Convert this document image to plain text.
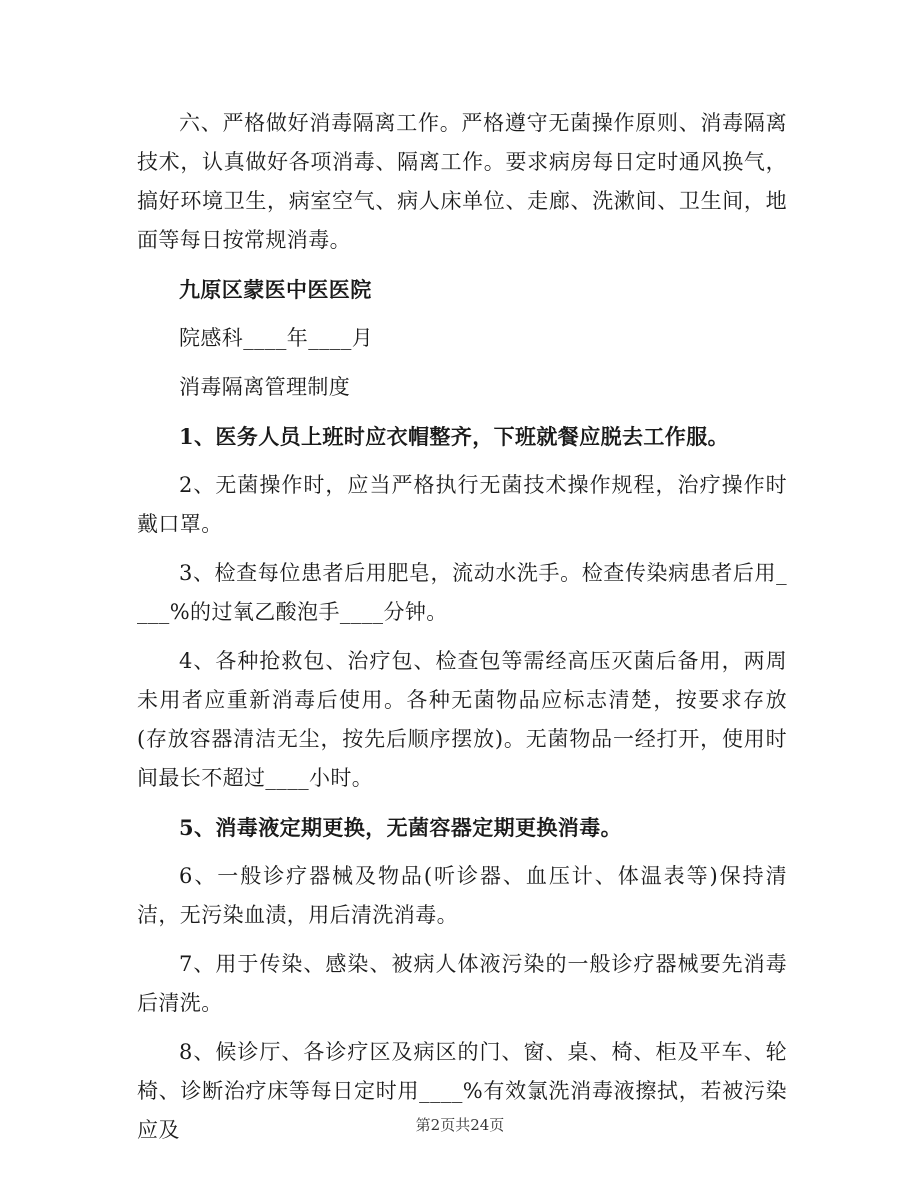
六、严格做好消毒隔离工作。严格遵守无菌操作原则、消毒隔离技术，认真做好各项消毒、隔离工作。要求病房每日定时通风换气，搞好环境卫生，病室空气、病人床单位、走廊、洗漱间、卫生间，地面等每日按常规消毒。

九原区蒙医中医医院

院感科____年____月

消毒隔离管理制度

1、医务人员上班时应衣帽整齐，下班就餐应脱去工作服。

2、无菌操作时，应当严格执行无菌技术操作规程，治疗操作时戴口罩。

3、检查每位患者后用肥皂，流动水洗手。检查传染病患者后用____%的过氧乙酸泡手____分钟。

4、各种抢救包、治疗包、检查包等需经高压灭菌后备用，两周未用者应重新消毒后使用。各种无菌物品应标志清楚，按要求存放(存放容器清洁无尘，按先后顺序摆放)。无菌物品一经打开，使用时间最长不超过____小时。

5、消毒液定期更换，无菌容器定期更换消毒。

6、一般诊疗器械及物品(听诊器、血压计、体温表等)保持清洁，无污染血渍，用后清洗消毒。

7、用于传染、感染、被病人体液污染的一般诊疗器械要先消毒后清洗。

8、候诊厅、各诊疗区及病区的门、窗、桌、椅、柜及平车、轮椅、诊断治疗床等每日定时用____%有效氯洗消毒液擦拭，若被污染应及	第2页共24页
